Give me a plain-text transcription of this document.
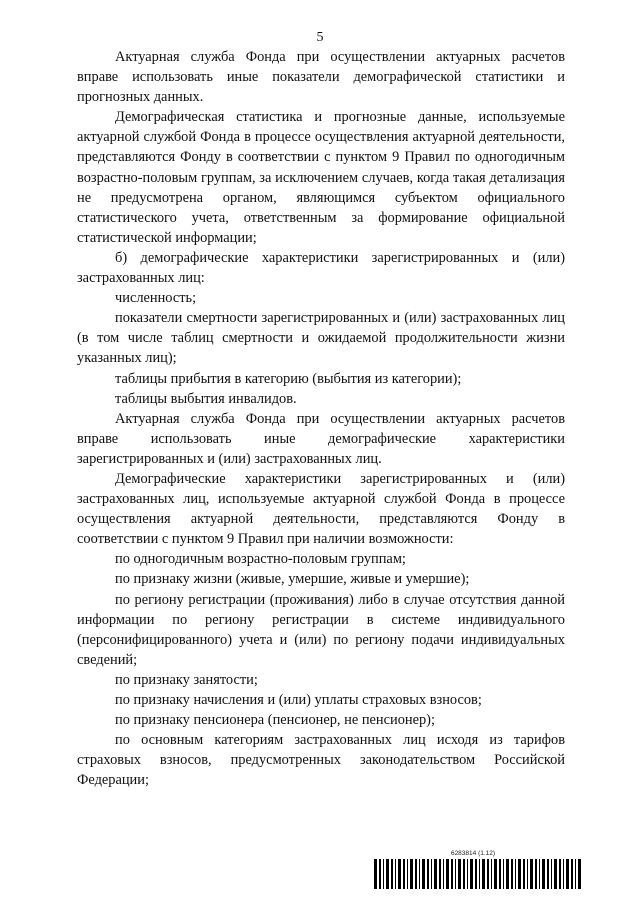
5

Актуарная служба Фонда при осуществлении актуарных расчетов вправе использовать иные показатели демографической статистики и прогнозных данных.

Демографическая статистика и прогнозные данные, используемые актуарной службой Фонда в процессе осуществления актуарной деятельности, представляются Фонду в соответствии с пунктом 9 Правил по одногодичным возрастно-половым группам, за исключением случаев, когда такая детализация не предусмотрена органом, являющимся субъектом официального статистического учета, ответственным за формирование официальной статистической информации;

б) демографические характеристики зарегистрированных и (или) застрахованных лиц:

численность;

показатели смертности зарегистрированных и (или) застрахованных лиц (в том числе таблиц смертности и ожидаемой продолжительности жизни указанных лиц);

таблицы прибытия в категорию (выбытия из категории);

таблицы выбытия инвалидов.

Актуарная служба Фонда при осуществлении актуарных расчетов вправе использовать иные демографические характеристики зарегистрированных и (или) застрахованных лиц.

Демографические характеристики зарегистрированных и (или) застрахованных лиц, используемые актуарной службой Фонда в процессе осуществления актуарной деятельности, представляются Фонду в соответствии с пунктом 9 Правил при наличии возможности:

по одногодичным возрастно-половым группам;

по признаку жизни (живые, умершие, живые и умершие);

по региону регистрации (проживания) либо в случае отсутствия данной информации по региону регистрации в системе индивидуального (персонифицированного) учета и (или) по региону подачи индивидуальных сведений;

по признаку занятости;

по признаку начисления и (или) уплаты страховых взносов;

по признаку пенсионера (пенсионер, не пенсионер);

по основным категориям застрахованных лиц исходя из тарифов страховых взносов, предусмотренных законодательством Российской Федерации;

6283814 (1.12)
